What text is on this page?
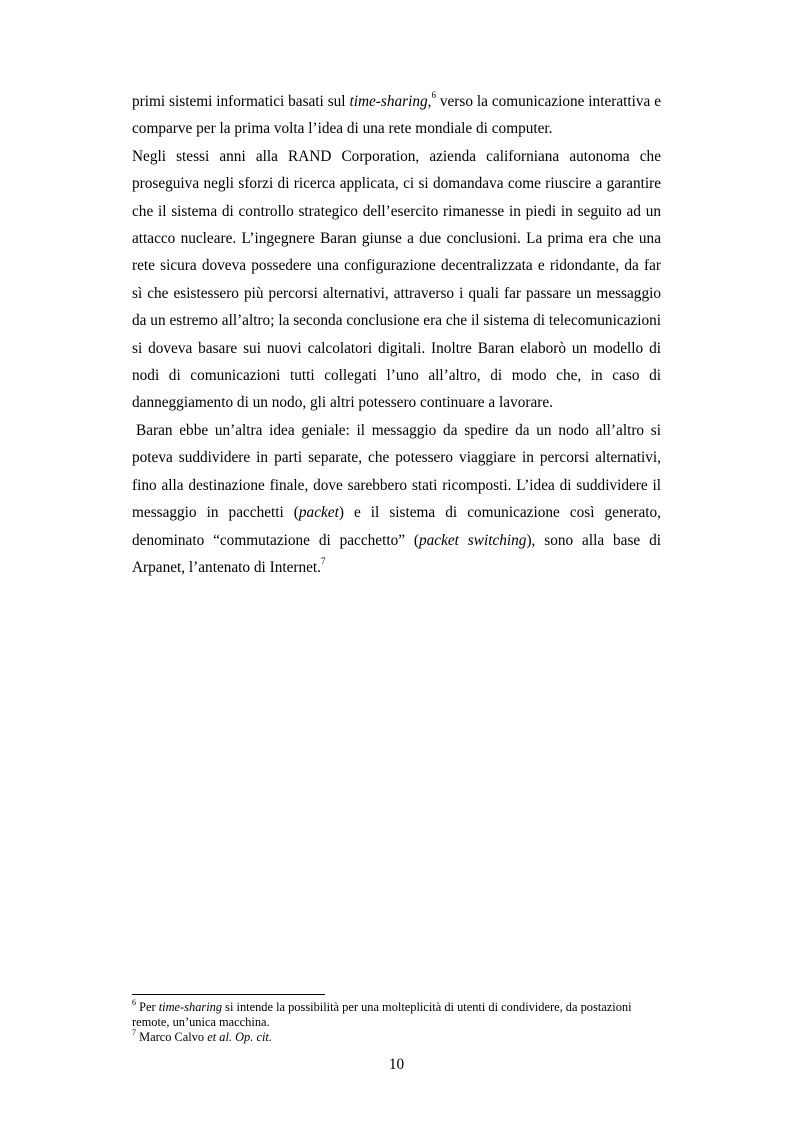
primi sistemi informatici basati sul time-sharing,$^6$ verso la comunicazione interattiva e comparve per la prima volta l’idea di una rete mondiale di computer.

Negli stessi anni alla RAND Corporation, azienda californiana autonoma che proseguiva negli sforzi di ricerca applicata, ci si domandava come riuscire a garantire che il sistema di controllo strategico dell’esercito rimanesse in piedi in seguito ad un attacco nucleare. L’ingegnere Baran giunse a due conclusioni. La prima era che una rete sicura doveva possedere una configurazione decentralizzata e ridondante, da far sì che esistessero più percorsi alternativi, attraverso i quali far passare un messaggio da un estremo all’altro; la seconda conclusione era che il sistema di telecomunicazioni si doveva basare sui nuovi calcolatori digitali. Inoltre Baran elaborò un modello di nodi di comunicazioni tutti collegati l’uno all’altro, di modo che, in caso di danneggiamento di un nodo, gli altri potessero continuare a lavorare.

Baran ebbe un’altra idea geniale: il messaggio da spedire da un nodo all’altro si poteva suddividere in parti separate, che potessero viaggiare in percorsi alternativi, fino alla destinazione finale, dove sarebbero stati ricomposti. L’idea di suddividere il messaggio in pacchetti (packet) e il sistema di comunicazione così generato, denominato “commutazione di pacchetto” (packet switching), sono alla base di Arpanet, l’antenato di Internet.$^7$

$^6$ Per time-sharing si intende la possibilità per una molteplicità di utenti di condividere, da postazioni remote, un’unica macchina.

$^7$ Marco Calvo et al. Op. cit.

10
